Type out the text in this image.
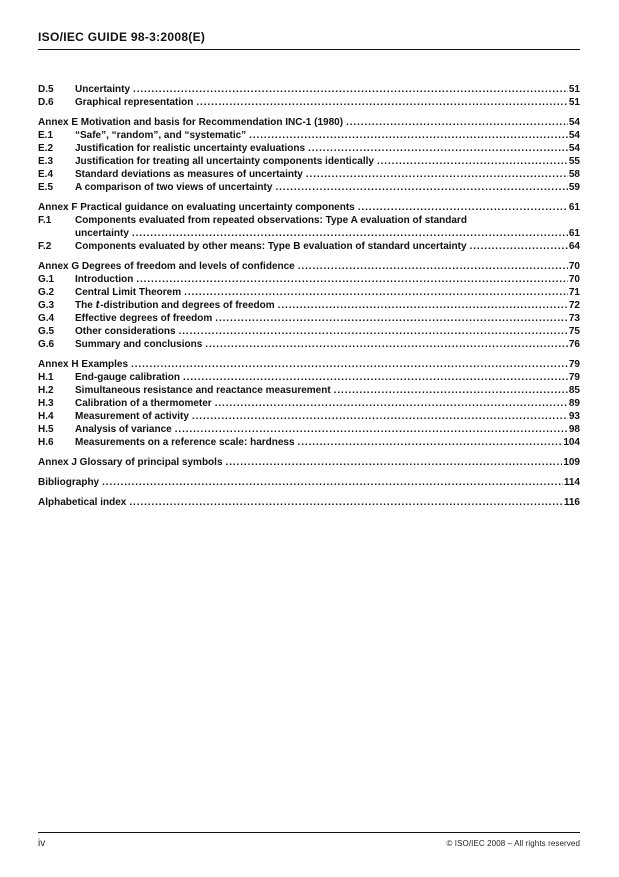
ISO/IEC GUIDE 98-3:2008(E)
D.5	Uncertainty .....	51
D.6	Graphical representation .....	51
Annex E Motivation and basis for Recommendation INC-1 (1980) .....	54
E.1	“Safe”, “random”, and “systematic” .....	54
E.2	Justification for realistic uncertainty evaluations .....	54
E.3	Justification for treating all uncertainty components identically .....	55
E.4	Standard deviations as measures of uncertainty .....	58
E.5	A comparison of two views of uncertainty .....	59
Annex F Practical guidance on evaluating uncertainty components .....	61
F.1	Components evaluated from repeated observations: Type A evaluation of standard
uncertainty .....	61
F.2	Components evaluated by other means: Type B evaluation of standard uncertainty .....	64
Annex G Degrees of freedom and levels of confidence .....	70
G.1	Introduction .....	70
G.2	Central Limit Theorem .....	71
G.3	The t-distribution and degrees of freedom .....	72
G.4	Effective degrees of freedom .....	73
G.5	Other considerations .....	75
G.6	Summary and conclusions .....	76
Annex H Examples .....	79
H.1	End-gauge calibration .....	79
H.2	Simultaneous resistance and reactance measurement .....	85
H.3	Calibration of a thermometer .....	89
H.4	Measurement of activity .....	93
H.5	Analysis of variance .....	98
H.6	Measurements on a reference scale: hardness .....	104
Annex J Glossary of principal symbols .....	109
Bibliography .....	114
Alphabetical index .....	116
iv	© ISO/IEC 2008 – All rights reserved
